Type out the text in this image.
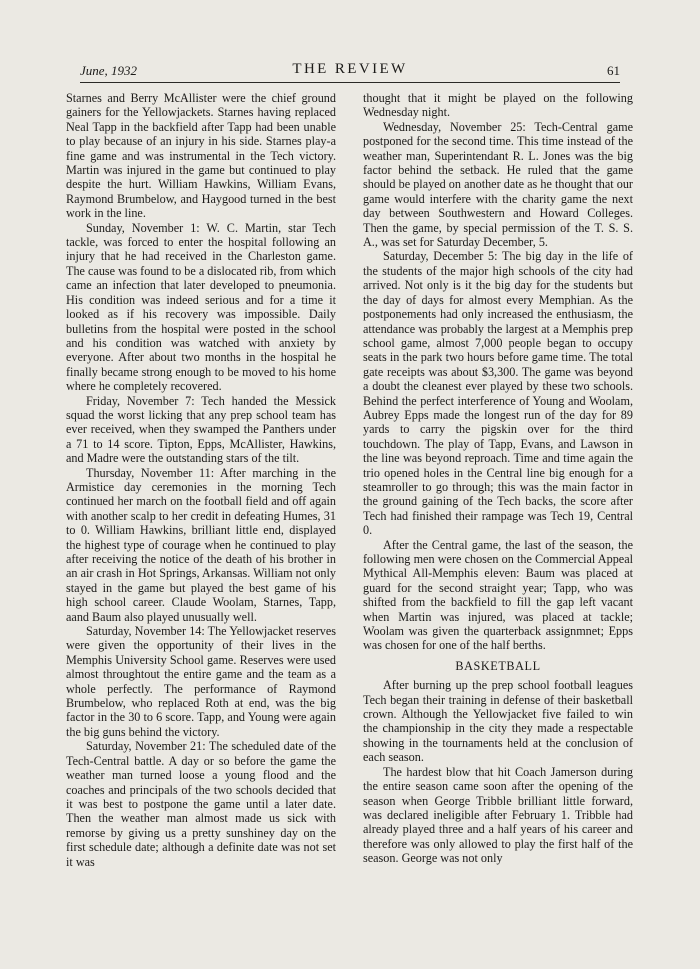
June, 1932	THE REVIEW	61

Starnes and Berry McAllister were the chief ground gainers for the Yellowjackets. Starnes having replaced Neal Tapp in the backfield after Tapp had been unable to play because of an injury in his side. Starnes play-a fine game and was instrumental in the Tech victory. Martin was injured in the game but continued to play despite the hurt. William Hawkins, William Evans, Raymond Brumbelow, and Haygood turned in the best work in the line.

Sunday, November 1: W. C. Martin, star Tech tackle, was forced to enter the hospital following an injury that he had received in the Charleston game. The cause was found to be a dislocated rib, from which came an infection that later developed to pneumonia. His condition was indeed serious and for a time it looked as if his recovery was impossible. Daily bulletins from the hospital were posted in the school and his condition was watched with anxiety by everyone. After about two months in the hospital he finally became strong enough to be moved to his home where he completely recovered.

Friday, November 7: Tech handed the Messick squad the worst licking that any prep school team has ever received, when they swamped the Panthers under a 71 to 14 score. Tipton, Epps, McAllister, Hawkins, and Madre were the outstanding stars of the tilt.

Thursday, November 11: After marching in the Armistice day ceremonies in the morning Tech continued her march on the football field and off again with another scalp to her credit in defeating Humes, 31 to 0. William Hawkins, brilliant little end, displayed the highest type of courage when he continued to play after receiving the notice of the death of his brother in an air crash in Hot Springs, Arkansas. William not only stayed in the game but played the best game of his high school career. Claude Woolam, Starnes, Tapp, aand Baum also played unusually well.

Saturday, November 14: The Yellowjacket reserves were given the opportunity of their lives in the Memphis University School game. Reserves were used almost throughtout the entire game and the team as a whole perfectly. The performance of Raymond Brumbelow, who replaced Roth at end, was the big factor in the 30 to 6 score. Tapp, and Young were again the big guns behind the victory.

Saturday, November 21: The scheduled date of the Tech-Central battle. A day or so before the game the weather man turned loose a young flood and the coaches and principals of the two schools decided that it was best to postpone the game until a later date. Then the weather man almost made us sick with remorse by giving us a pretty sunshiney day on the first schedule date; although a definite date was not set it was

thought that it might be played on the following Wednesday night.

Wednesday, November 25: Tech-Central game postponed for the second time. This time instead of the weather man, Superintendant R. L. Jones was the big factor behind the setback. He ruled that the game should be played on another date as he thought that our game would interfere with the charity game the next day between Southwestern and Howard Colleges. Then the game, by special permission of the T. S. S. A., was set for Saturday December, 5.

Saturday, December 5: The big day in the life of the students of the major high schools of the city had arrived. Not only is it the big day for the students but the day of days for almost every Memphian. As the postponements had only increased the enthusiasm, the attendance was probably the largest at a Memphis prep school game, almost 7,000 people began to occupy seats in the park two hours before game time. The total gate receipts was about $3,300. The game was beyond a doubt the cleanest ever played by these two schools. Behind the perfect interference of Young and Woolam, Aubrey Epps made the longest run of the day for 89 yards to carry the pigskin over for the third touchdown. The play of Tapp, Evans, and Lawson in the line was beyond reproach. Time and time again the trio opened holes in the Central line big enough for a steamroller to go through; this was the main factor in the ground gaining of the Tech backs, the score after Tech had finished their rampage was Tech 19, Central 0.

After the Central game, the last of the season, the following men were chosen on the Commercial Appeal Mythical All-Memphis eleven: Baum was placed at guard for the second straight year; Tapp, who was shifted from the backfield to fill the gap left vacant when Martin was injured, was placed at tackle; Woolam was given the quarterback assignmnet; Epps was chosen for one of the half berths.

BASKETBALL

After burning up the prep school football leagues Tech began their training in defense of their basketball crown. Although the Yellowjacket five failed to win the championship in the city they made a respectable showing in the tournaments held at the conclusion of each season.

The hardest blow that hit Coach Jamerson during the entire season came soon after the opening of the season when George Tribble brilliant little forward, was declared ineligible after February 1. Tribble had already played three and a half years of his career and therefore was only allowed to play the first half of the season. George was not only
